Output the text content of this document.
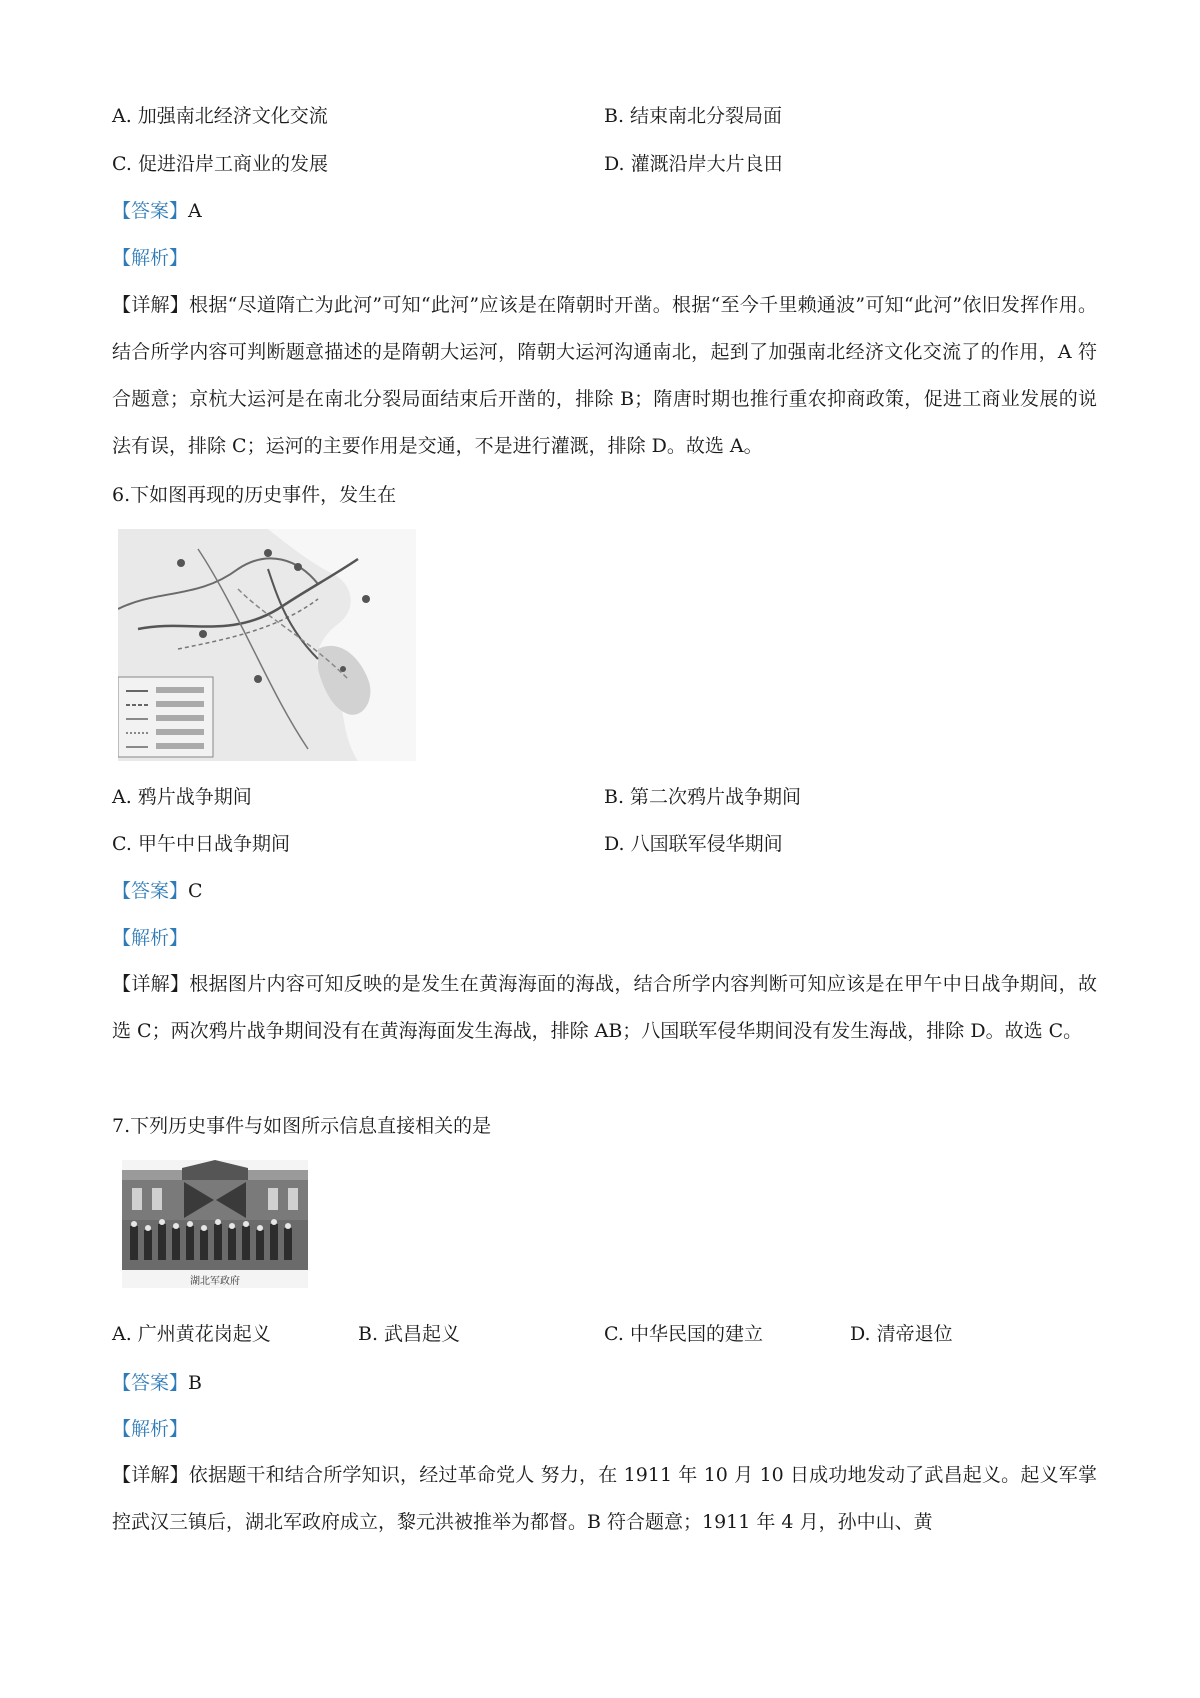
A. 加强南北经济文化交流	B. 结束南北分裂局面
C. 促进沿岸工商业的发展	D. 灌溉沿岸大片良田
【答案】A
【解析】
【详解】根据“尽道隋亡为此河”可知“此河”应该是在隋朝时开凿。根据“至今千里赖通波”可知“此河”依旧发挥作用。结合所学内容可判断题意描述的是隋朝大运河，隋朝大运河沟通南北，起到了加强南北经济文化交流了的作用，A 符合题意；京杭大运河是在南北分裂局面结束后开凿的，排除 B；隋唐时期也推行重农抑商政策，促进工商业发展的说法有误，排除 C；运河的主要作用是交通，不是进行灌溉，排除 D。故选 A。
6.下如图再现的历史事件，发生在
A. 鸦片战争期间	B. 第二次鸦片战争期间
C. 甲午中日战争期间	D. 八国联军侵华期间
【答案】C
【解析】
【详解】根据图片内容可知反映的是发生在黄海海面的海战，结合所学内容判断可知应该是在甲午中日战争期间，故选 C；两次鸦片战争期间没有在黄海海面发生海战，排除 AB；八国联军侵华期间没有发生海战，排除 D。故选 C。
7.下列历史事件与如图所示信息直接相关的是
湖北军政府
A. 广州黄花岗起义	B. 武昌起义	C. 中华民国的建立	D. 清帝退位
【答案】B
【解析】
【详解】依据题干和结合所学知识，经过革命党人 努力，在 1911 年 10 月 10 日成功地发动了武昌起义。起义军掌控武汉三镇后，湖北军政府成立，黎元洪被推举为都督。B 符合题意；1911 年 4 月，孙中山、黄
